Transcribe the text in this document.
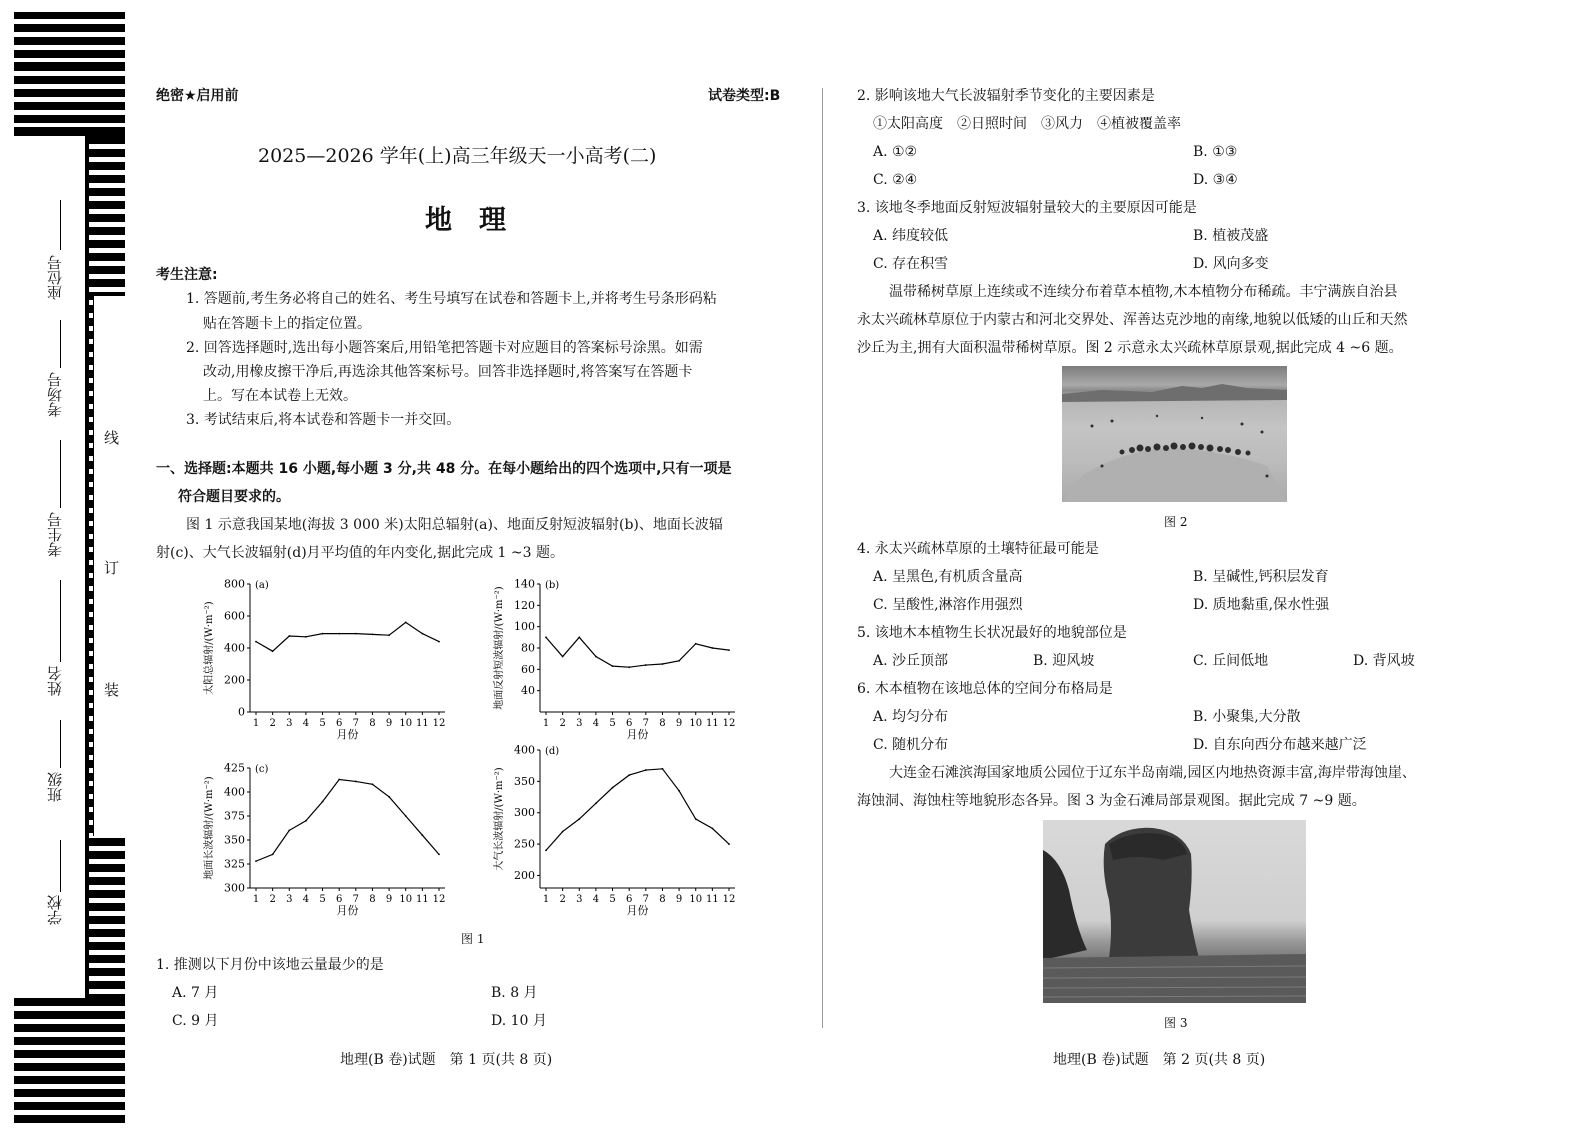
座位号
考场号
考生号
姓名
班级
学校
线
订
装
绝密★启用前	试卷类型:B
2025—2026 学年(上)高三年级天一小高考(二)
地　理
考生注意:
1. 答题前,考生务必将自己的姓名、考生号填写在试卷和答题卡上,并将考生号条形码粘
贴在答题卡上的指定位置。
2. 回答选择题时,选出每小题答案后,用铅笔把答题卡对应题目的答案标号涂黑。如需
改动,用橡皮擦干净后,再选涂其他答案标号。回答非选择题时,将答案写在答题卡
上。写在本试卷上无效。
3. 考试结束后,将本试卷和答题卡一并交回。
一、选择题:本题共 16 小题,每小题 3 分,共 48 分。在每小题给出的四个选项中,只有一项是
符合题目要求的。
图 1 示意我国某地(海拔 3 000 米)太阳总辐射(a)、地面反射短波辐射(b)、地面长波辐
射(c)、大气长波辐射(d)月平均值的年内变化,据此完成 1 ~3 题。
0
200
400
600
800
1 2 3 4 5 6 7 8 9 10 11 12
月份
(a)
太阳总辐射/(W·m⁻²)	40
60
80
100
120
140
1 2 3 4 5 6 7 8 9 10 11 12
月份
(b)
地面反射短波辐射/(W·m⁻²)
300
325
350
375
400
425
1 2 3 4 5 6 7 8 9 10 11 12
月份
(c)
地面长波辐射/(W·m⁻²)	200
250
300
350
400
1 2 3 4 5 6 7 8 9 10 11 12
月份
(d)
大气长波辐射/(W·m⁻²)
图 1
1. 推测以下月份中该地云量最少的是
A. 7 月	B. 8 月
C. 9 月	D. 10 月
地理(B 卷)试题　第 1 页(共 8 页)
2. 影响该地大气长波辐射季节变化的主要因素是
①太阳高度　②日照时间　③风力　④植被覆盖率
A. ①②	B. ①③
C. ②④	D. ③④
3. 该地冬季地面反射短波辐射量较大的主要原因可能是
A. 纬度较低	B. 植被茂盛
C. 存在积雪	D. 风向多变
温带稀树草原上连续或不连续分布着草本植物,木本植物分布稀疏。丰宁满族自治县
永太兴疏林草原位于内蒙古和河北交界处、浑善达克沙地的南缘,地貌以低矮的山丘和天然
沙丘为主,拥有大面积温带稀树草原。图 2 示意永太兴疏林草原景观,据此完成 4 ~6 题。
图 2
4. 永太兴疏林草原的土壤特征最可能是
A. 呈黑色,有机质含量高	B. 呈碱性,钙积层发育
C. 呈酸性,淋溶作用强烈	D. 质地黏重,保水性强
5. 该地木本植物生长状况最好的地貌部位是
A. 沙丘顶部	B. 迎风坡	C. 丘间低地	D. 背风坡
6. 木本植物在该地总体的空间分布格局是
A. 均匀分布	B. 小聚集,大分散
C. 随机分布	D. 自东向西分布越来越广泛
大连金石滩滨海国家地质公园位于辽东半岛南端,园区内地热资源丰富,海岸带海蚀崖、
海蚀洞、海蚀柱等地貌形态各异。图 3 为金石滩局部景观图。据此完成 7 ~9 题。
图 3
地理(B 卷)试题　第 2 页(共 8 页)
